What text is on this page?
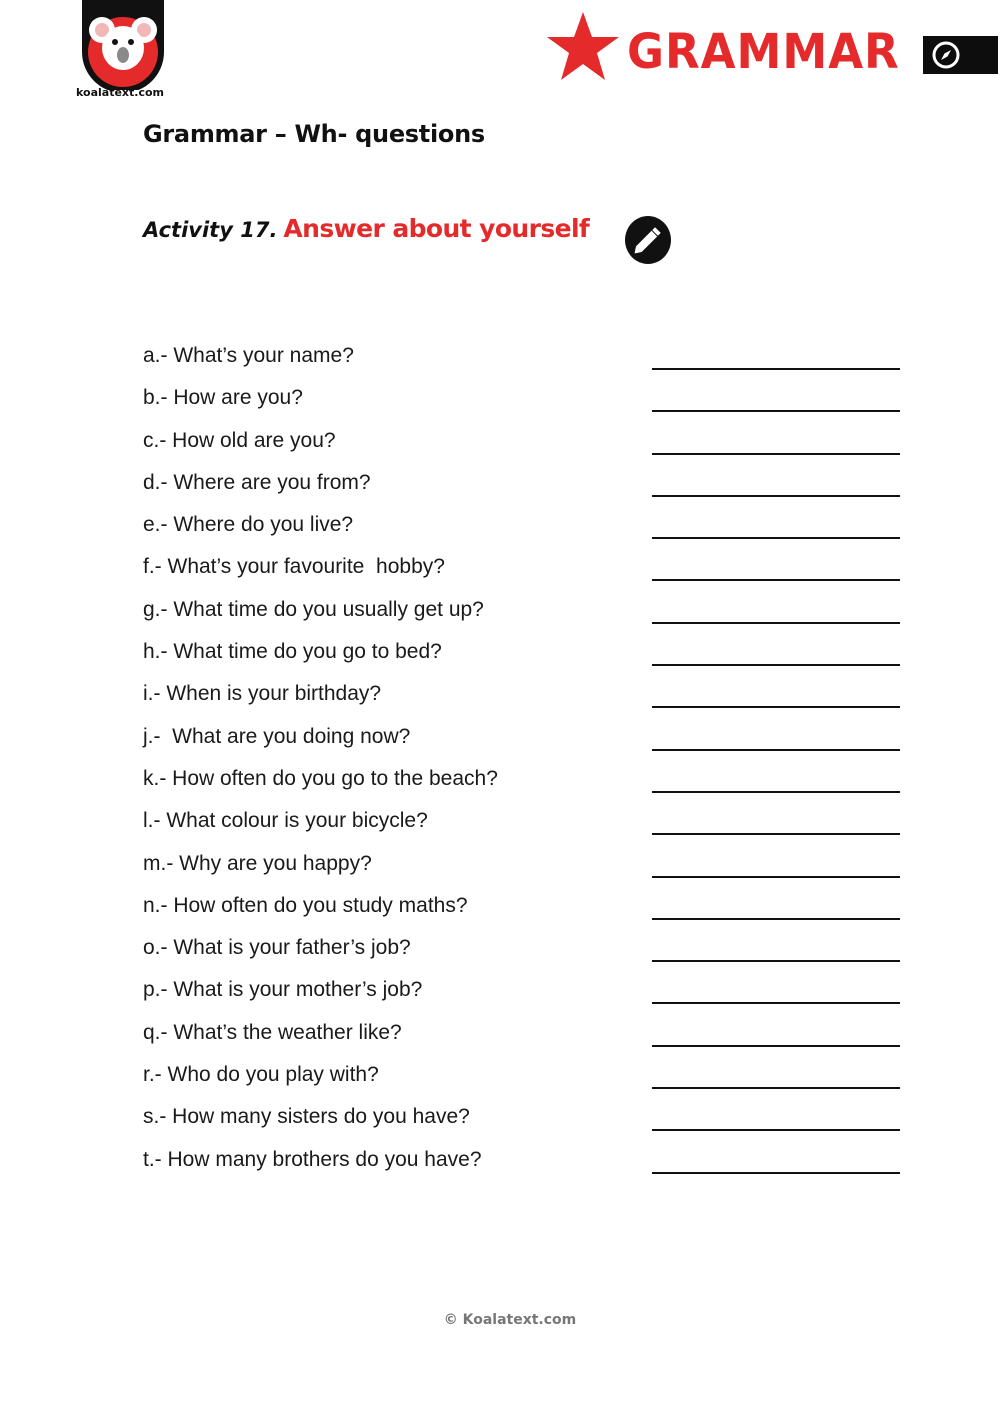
koalatext.com
GRAMMAR
Grammar – Wh- questions
Activity 17. Answer about yourself
a.- What’s your name?
b.- How are you?
c.- How old are you?
d.- Where are you from?
e.- Where do you live?
f.- What’s your favourite  hobby?
g.- What time do you usually get up?
h.- What time do you go to bed?
i.- When is your birthday?
j.-  What are you doing now?
k.- How often do you go to the beach?
l.- What colour is your bicycle?
m.- Why are you happy?
n.- How often do you study maths?
o.- What is your father’s job?
p.- What is your mother’s job?
q.- What’s the weather like?
r.- Who do you play with?
s.- How many sisters do you have?
t.- How many brothers do you have?
© Koalatext.com
